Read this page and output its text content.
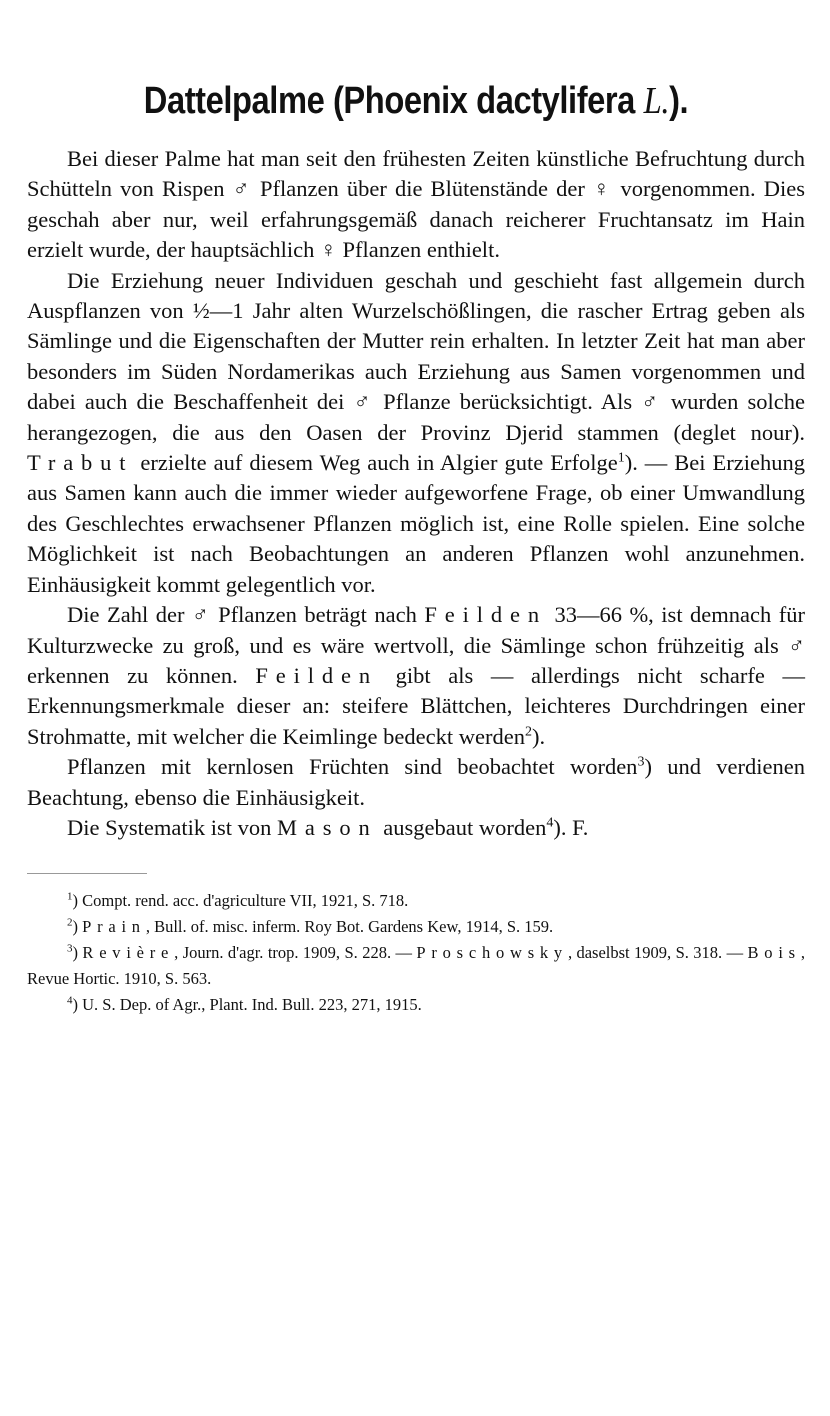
Dattelpalme (Phoenix dactylifera L.).

Bei dieser Palme hat man seit den frühesten Zeiten künstliche Befruchtung durch Schütteln von Rispen ♂ Pflanzen über die Blütenstände der ♀ vorgenommen. Dies geschah aber nur, weil erfahrungsgemäß danach reicherer Fruchtansatz im Hain erzielt wurde, der hauptsächlich ♀ Pflanzen enthielt.

Die Erziehung neuer Individuen geschah und geschieht fast allgemein durch Auspflanzen von ½—1 Jahr alten Wurzelschößlingen, die rascher Ertrag geben als Sämlinge und die Eigenschaften der Mutter rein erhalten. In letzter Zeit hat man aber besonders im Süden Nordamerikas auch Erziehung aus Samen vorgenommen und dabei auch die Beschaffenheit dei ♂ Pflanze berücksichtigt. Als ♂ wurden solche herangezogen, die aus den Oasen der Provinz Djerid stammen (deglet nour). Trabut erzielte auf diesem Weg auch in Algier gute Erfolge$^1$). — Bei Erziehung aus Samen kann auch die immer wieder aufgeworfene Frage, ob einer Umwandlung des Geschlechtes erwachsener Pflanzen möglich ist, eine Rolle spielen. Eine solche Möglichkeit ist nach Beobachtungen an anderen Pflanzen wohl anzunehmen. Einhäusigkeit kommt gelegentlich vor.

Die Zahl der ♂ Pflanzen beträgt nach Feilden 33—66 %, ist demnach für Kulturzwecke zu groß, und es wäre wertvoll, die Sämlinge schon frühzeitig als ♂ erkennen zu können. Feilden gibt als — allerdings nicht scharfe — Erkennungsmerkmale dieser an: steifere Blättchen, leichteres Durchdringen einer Strohmatte, mit welcher die Keimlinge bedeckt werden$^2$).

Pflanzen mit kernlosen Früchten sind beobachtet worden$^3$) und verdienen Beachtung, ebenso die Einhäusigkeit.

Die Systematik ist von Mason ausgebaut worden$^4$). F.

$^1$) Compt. rend. acc. d'agriculture VII, 1921, S. 718.

$^2$) Prain, Bull. of. misc. inferm. Roy Bot. Gardens Kew, 1914, S. 159.

$^3$) Revière, Journ. d'agr. trop. 1909, S. 228. — Proschowsky, daselbst 1909, S. 318. — Bois, Revue Hortic. 1910, S. 563.

$^4$) U. S. Dep. of Agr., Plant. Ind. Bull. 223, 271, 1915.
